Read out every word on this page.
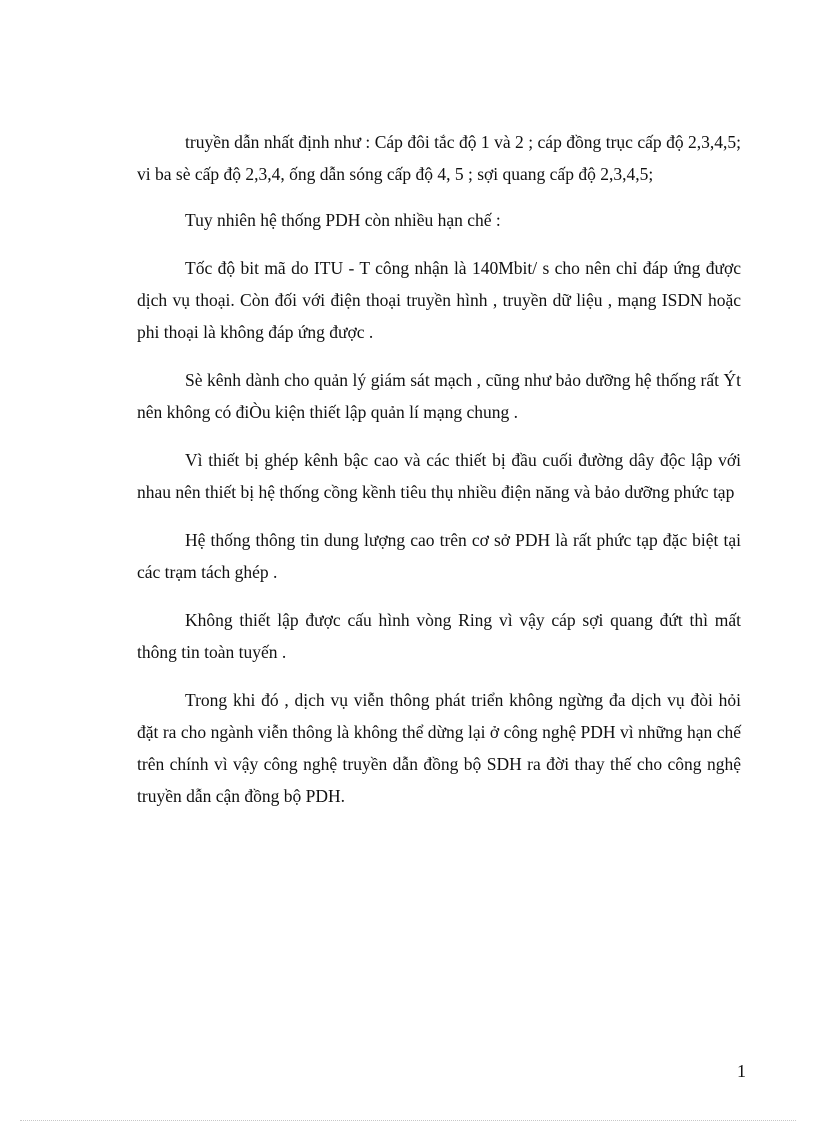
truyền dẫn nhất định như : Cáp đôi tắc độ 1 và 2 ; cáp đồng trục cấp độ 2,3,4,5; vi ba sè cấp độ 2,3,4, ống dẫn sóng cấp độ 4, 5 ; sợi quang cấp độ 2,3,4,5;

Tuy nhiên hệ thống PDH còn nhiều hạn chế :

Tốc độ bit mã do ITU - T công nhận là 140Mbit/ s cho nên chỉ đáp ứng được dịch vụ thoại. Còn đối với điện thoại truyền hình , truyền dữ liệu , mạng ISDN hoặc phi thoại là không đáp ứng được .

Sè kênh dành cho quản lý giám sát mạch , cũng như bảo dưỡng hệ thống rất Ýt nên không có điÒu kiện thiết lập quản lí mạng chung .

Vì thiết bị ghép kênh bậc cao và các thiết bị đầu cuối đường dây độc lập với nhau nên thiết bị hệ thống cồng kềnh tiêu thụ nhiều điện năng và bảo dưỡng phức tạp

Hệ thống thông tin dung lượng cao trên cơ sở PDH là rất phức tạp đặc biệt tại các trạm tách ghép .

Không thiết lập được cấu hình vòng Ring vì vậy cáp sợi quang đứt thì mất thông tin toàn tuyến .

Trong khi đó , dịch vụ viễn thông phát triển không ngừng đa dịch vụ đòi hỏi đặt ra cho ngành viễn thông là không thể dừng lại ở công nghệ PDH vì những hạn chế trên chính vì vậy công nghệ truyền dẫn đồng bộ SDH ra đời thay thế cho công nghệ truyền dẫn cận đồng bộ PDH.

1
